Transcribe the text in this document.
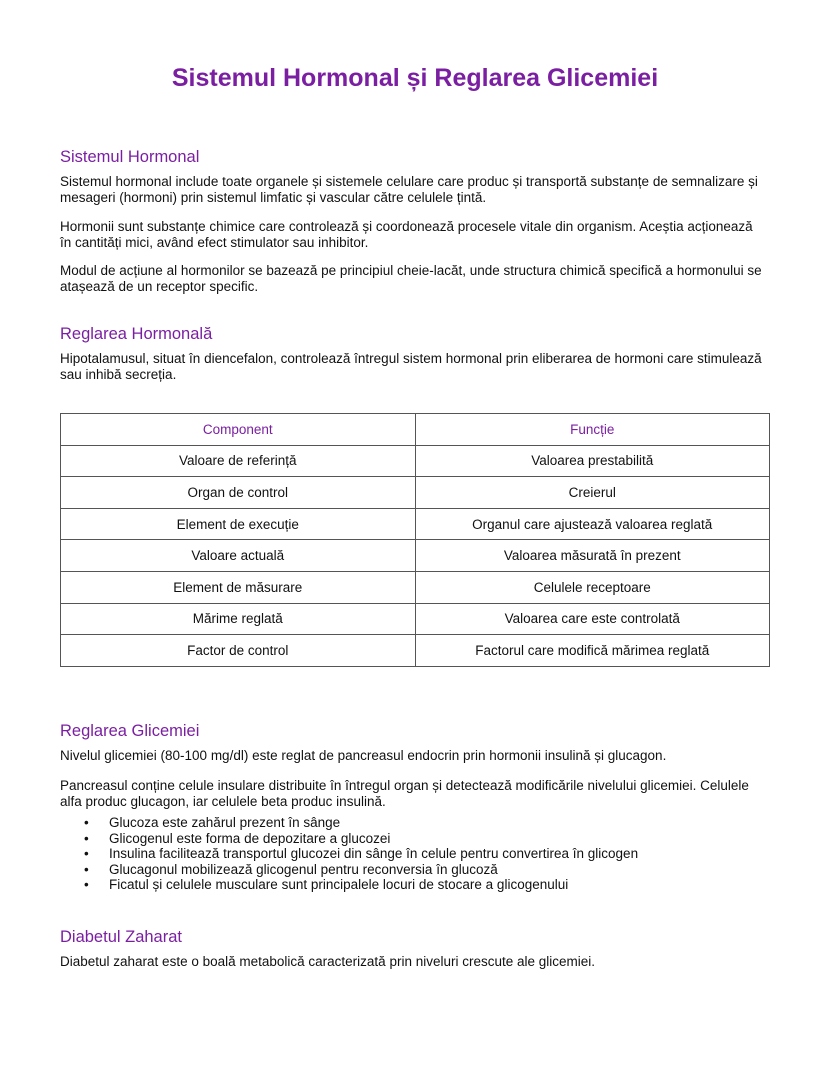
Sistemul Hormonal și Reglarea Glicemiei
Sistemul Hormonal

Sistemul hormonal include toate organele și sistemele celulare care produc și transportă substanțe de semnalizare și mesageri (hormoni) prin sistemul limfatic și vascular către celulele țintă.

Hormonii sunt substanțe chimice care controlează și coordonează procesele vitale din organism. Aceștia acționează în cantități mici, având efect stimulator sau inhibitor.

Modul de acțiune al hormonilor se bazează pe principiul cheie-lacăt, unde structura chimică specifică a hormonului se atașează de un receptor specific.

Reglarea Hormonală

Hipotalamusul, situat în diencefalon, controlează întregul sistem hormonal prin eliberarea de hormoni care stimulează sau inhibă secreția.

Component	Funcție
Valoare de referință	Valoarea prestabilită
Organ de control	Creierul
Element de execuție	Organul care ajustează valoarea reglată
Valoare actuală	Valoarea măsurată în prezent
Element de măsurare	Celulele receptoare
Mărime reglată	Valoarea care este controlată
Factor de control	Factorul care modifică mărimea reglată
Reglarea Glicemiei

Nivelul glicemiei (80-100 mg/dl) este reglat de pancreasul endocrin prin hormonii insulină și glucagon.

Pancreasul conține celule insulare distribuite în întregul organ și detectează modificările nivelului glicemiei. Celulele alfa produc glucagon, iar celulele beta produc insulină.

• Glucoza este zahărul prezent în sânge
• Glicogenul este forma de depozitare a glucozei
• Insulina facilitează transportul glucozei din sânge în celule pentru convertirea în glicogen
• Glucagonul mobilizează glicogenul pentru reconversia în glucoză
• Ficatul și celulele musculare sunt principalele locuri de stocare a glicogenului
Diabetul Zaharat

Diabetul zaharat este o boală metabolică caracterizată prin niveluri crescute ale glicemiei.
